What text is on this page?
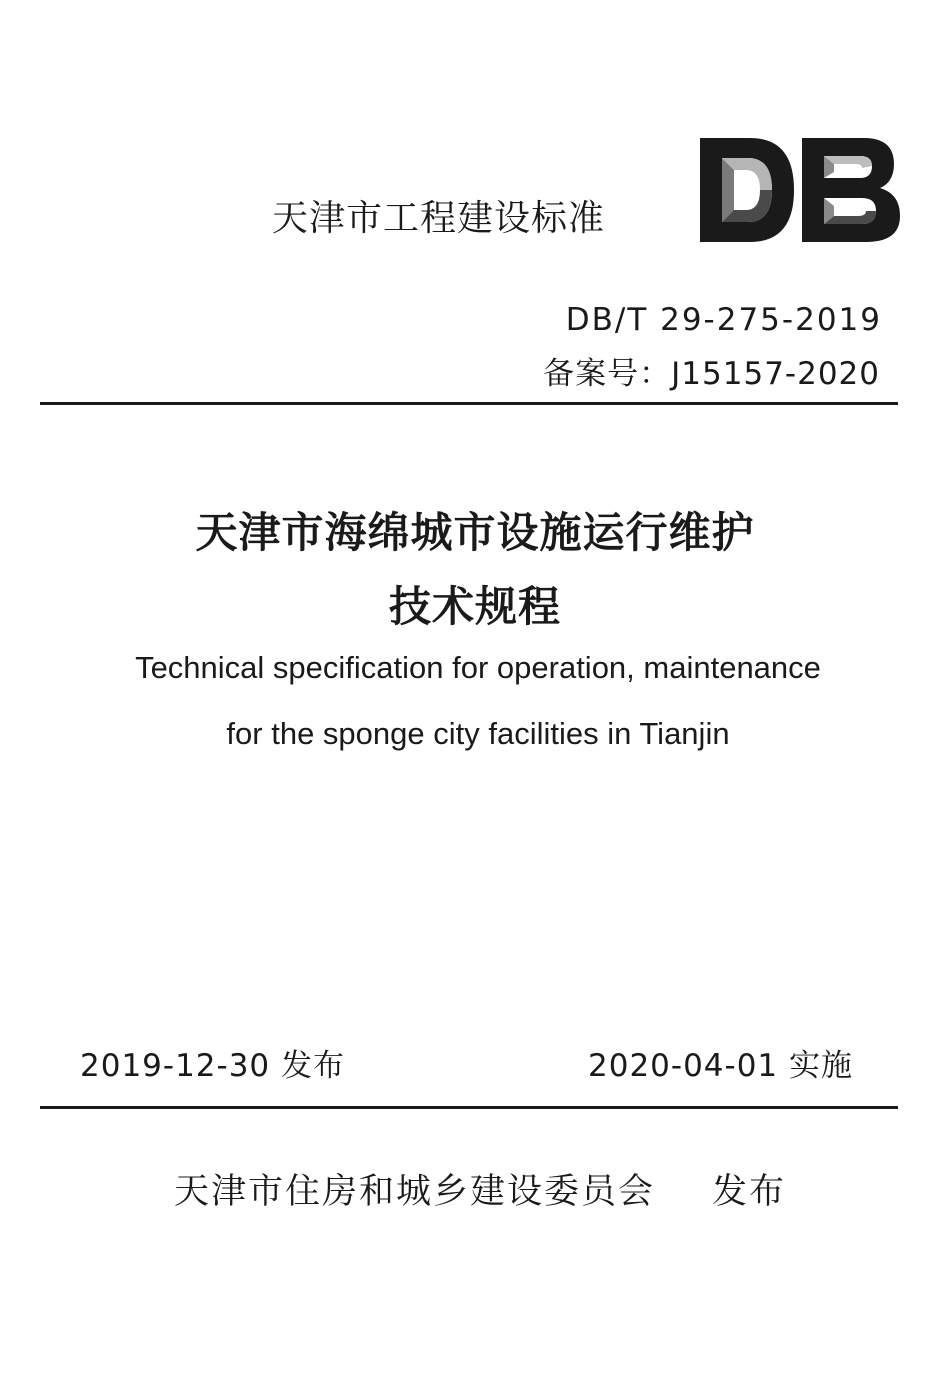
天津市工程建设标准
DB/T 29-275-2019
备案号：J15157-2020
天津市海绵城市设施运行维护
技术规程
Technical specification for operation, maintenance
for the sponge city facilities in Tianjin
2019-12-30 发布	2020-04-01 实施
天津市住房和城乡建设委员会 发布
